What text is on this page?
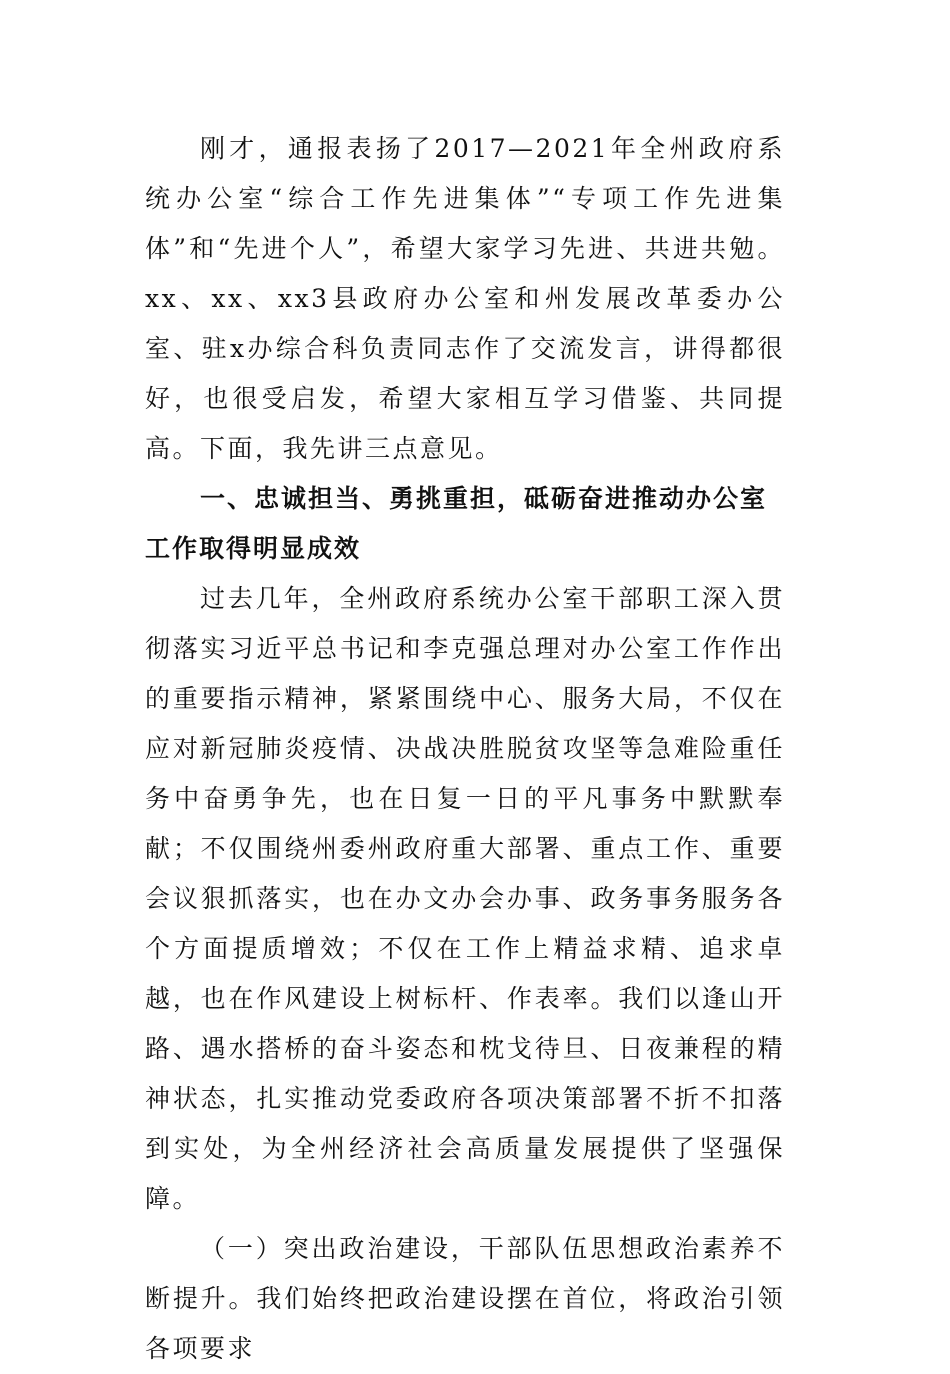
刚才，通报表扬了2017—2021年全州政府系统办公室“综合工作先进集体”“专项工作先进集体”和“先进个人”，希望大家学习先进、共进共勉。xx、xx、xx3县政府办公室和州发展改革委办公室、驻x办综合科负责同志作了交流发言，讲得都很好，也很受启发，希望大家相互学习借鉴、共同提高。下面，我先讲三点意见。

一、忠诚担当、勇挑重担，砥砺奋进推动办公室工作取得明显成效

过去几年，全州政府系统办公室干部职工深入贯彻落实习近平总书记和李克强总理对办公室工作作出的重要指示精神，紧紧围绕中心、服务大局，不仅在应对新冠肺炎疫情、决战决胜脱贫攻坚等急难险重任务中奋勇争先，也在日复一日的平凡事务中默默奉献；不仅围绕州委州政府重大部署、重点工作、重要会议狠抓落实，也在办文办会办事、政务事务服务各个方面提质增效；不仅在工作上精益求精、追求卓越，也在作风建设上树标杆、作表率。我们以逢山开路、遇水搭桥的奋斗姿态和枕戈待旦、日夜兼程的精神状态，扎实推动党委政府各项决策部署不折不扣落到实处，为全州经济社会高质量发展提供了坚强保障。

（一）突出政治建设，干部队伍思想政治素养不断提升。我们始终把政治建设摆在首位，将政治引领各项要求
